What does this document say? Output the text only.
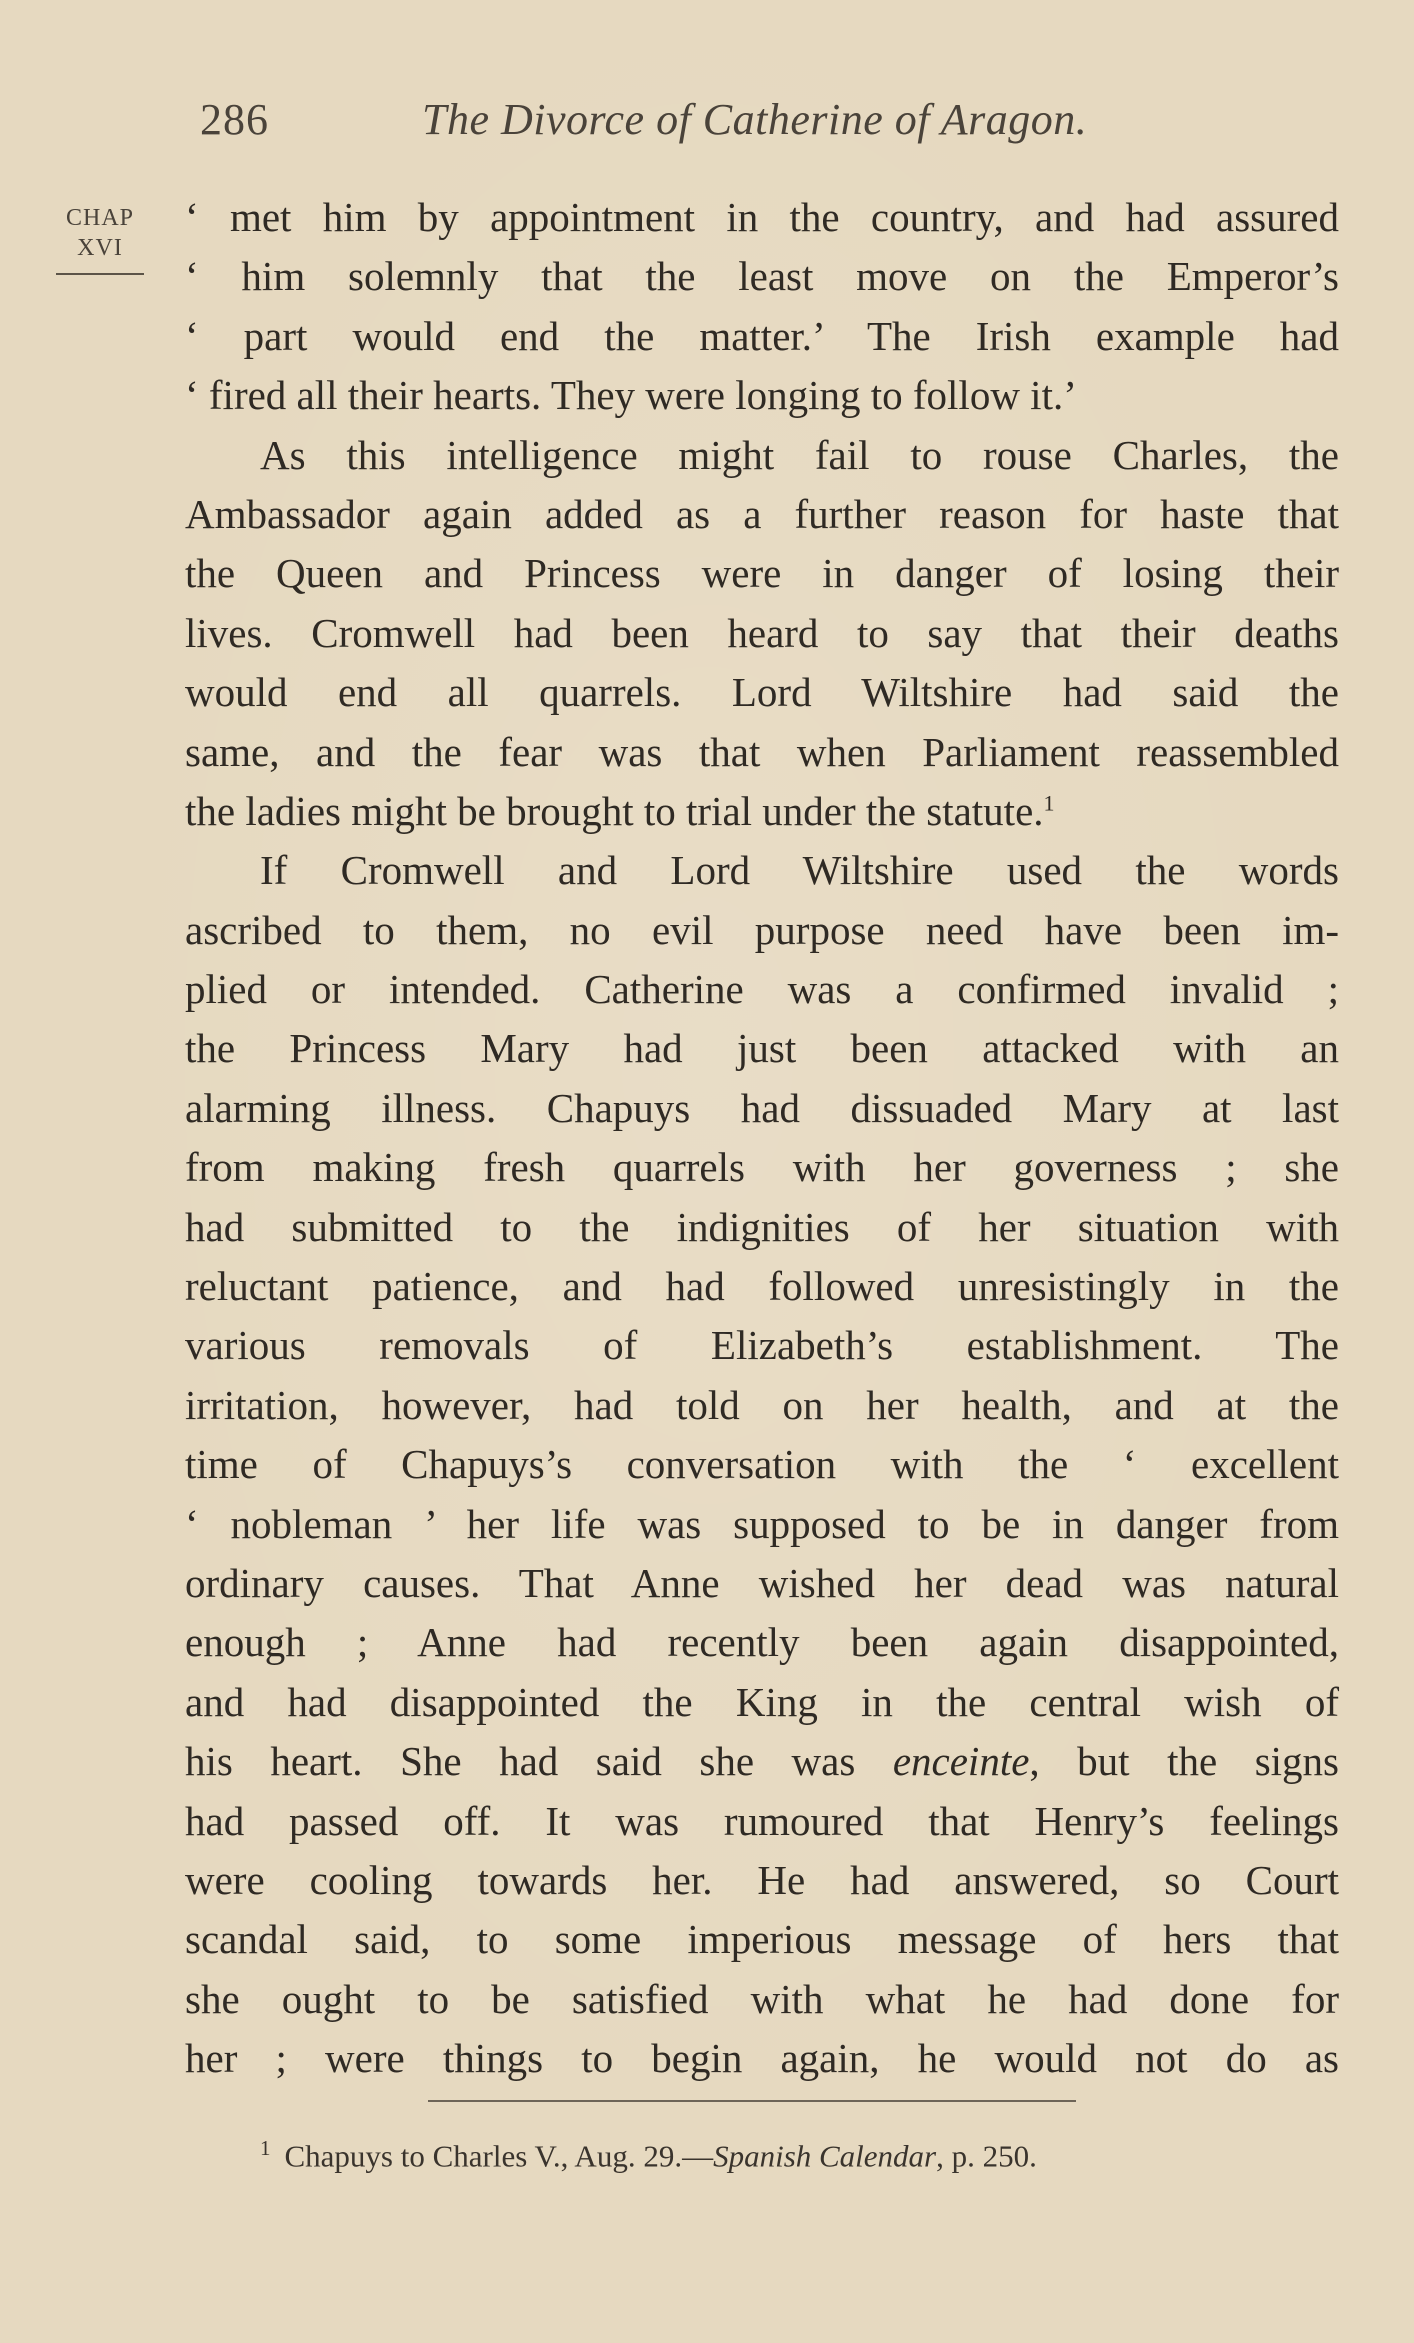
286	The Divorce of Catherine of Aragon.
CHAP
XVI
‘ met him by appointment in the country, and had assured
‘ him solemnly that the least move on the Emperor’s
‘ part would end the matter.’ The Irish example had
‘ fired all their hearts. They were longing to follow it.’
As this intelligence might fail to rouse Charles, the
Ambassador again added as a further reason for haste that
the Queen and Princess were in danger of losing their
lives. Cromwell had been heard to say that their deaths
would end all quarrels. Lord Wiltshire had said the
same, and the fear was that when Parliament reassembled
the ladies might be brought to trial under the statute.$^1$
If Cromwell and Lord Wiltshire used the words
ascribed to them, no evil purpose need have been im-
plied or intended. Catherine was a confirmed invalid ;
the Princess Mary had just been attacked with an
alarming illness. Chapuys had dissuaded Mary at last
from making fresh quarrels with her governess ; she
had submitted to the indignities of her situation with
reluctant patience, and had followed unresistingly in the
various removals of Elizabeth’s establishment. The
irritation, however, had told on her health, and at the
time of Chapuys’s conversation with the ‘ excellent
‘ nobleman ’ her life was supposed to be in danger from
ordinary causes. That Anne wished her dead was natural
enough ; Anne had recently been again disappointed,
and had disappointed the King in the central wish of
his heart. She had said she was enceinte, but the signs
had passed off. It was rumoured that Henry’s feelings
were cooling towards her. He had answered, so Court
scandal said, to some imperious message of hers that
she ought to be satisfied with what he had done for
her ; were things to begin again, he would not do as
$^1$ Chapuys to Charles V., Aug. 29.—Spanish Calendar, p. 250.
